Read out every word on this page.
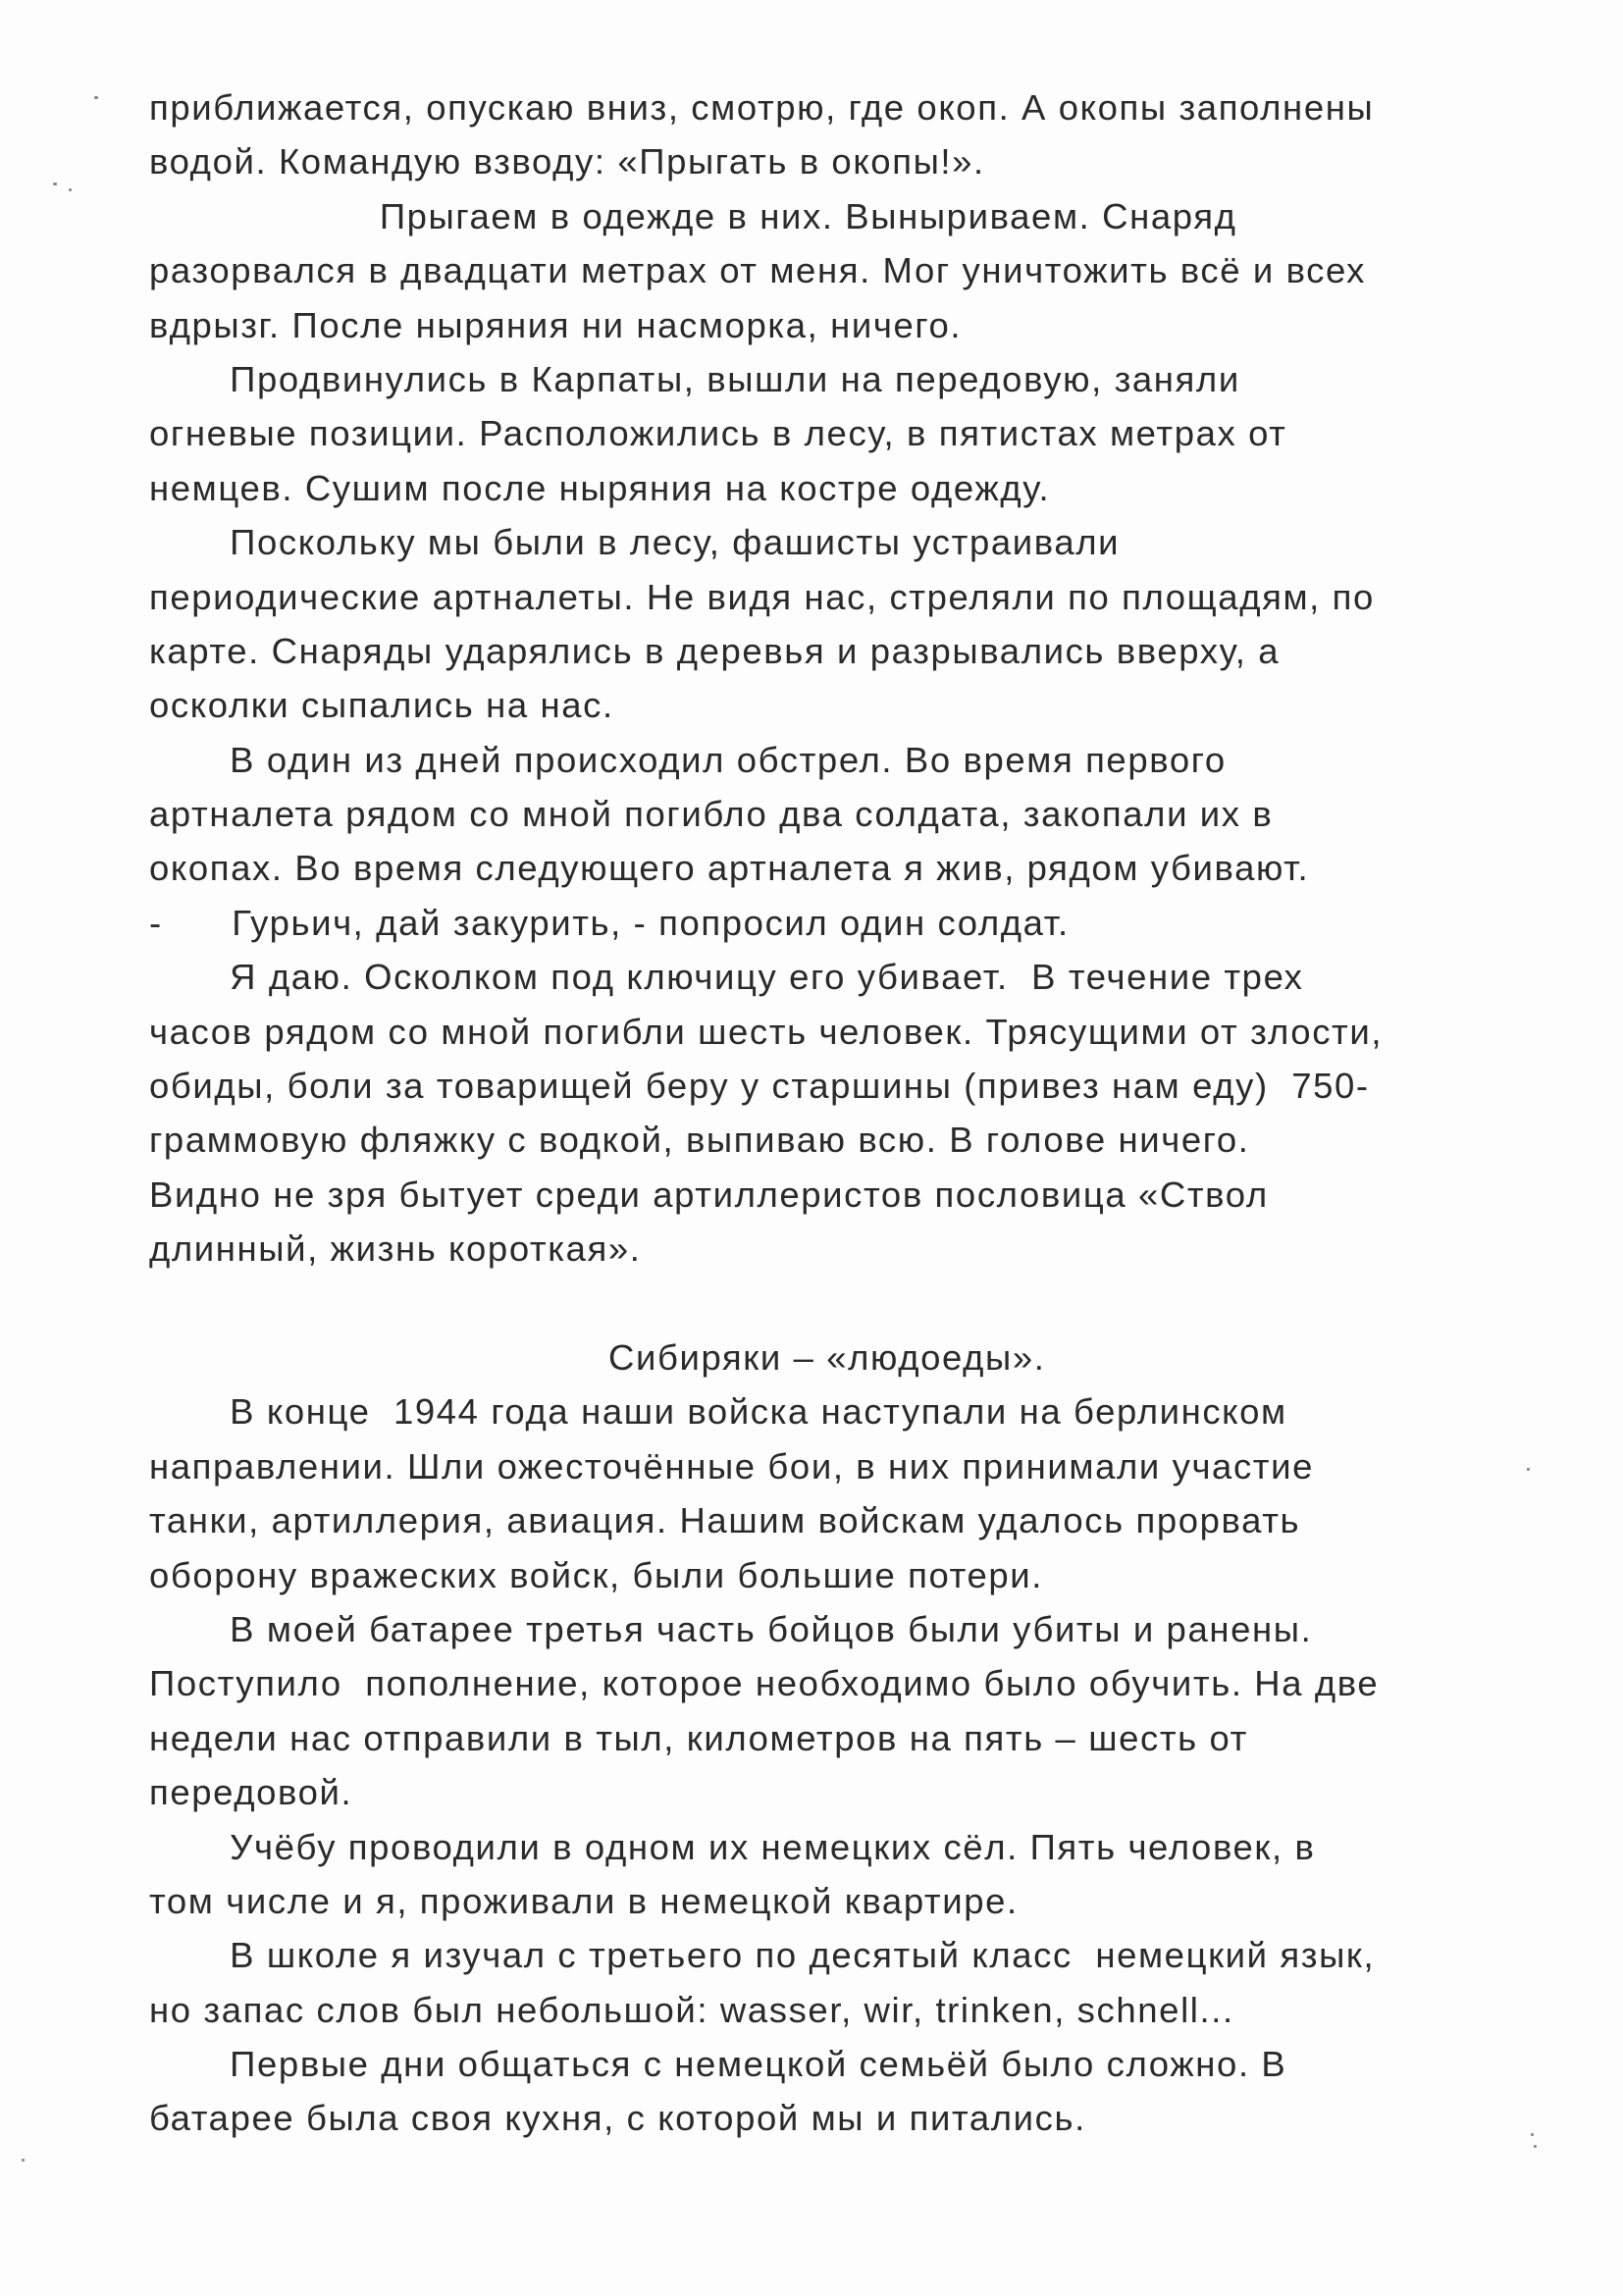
приближается, опускаю вниз, смотрю, где окоп. А окопы заполнены
водой. Командую взводу: «Прыгать в окопы!».
Прыгаем в одежде в них. Выныриваем. Снаряд
разорвался в двадцати метрах от меня. Мог уничтожить всё и всех
вдрызг. После ныряния ни насморка, ничего.
Продвинулись в Карпаты, вышли на передовую, заняли
огневые позиции. Расположились в лесу, в пятистах метрах от
немцев. Сушим после ныряния на костре одежду.
Поскольку мы были в лесу, фашисты устраивали
периодические артналеты. Не видя нас, стреляли по площадям, по
карте. Снаряды ударялись в деревья и разрывались вверху, а
осколки сыпались на нас.
В один из дней происходил обстрел. Во время первого
артналета рядом со мной погибло два солдата, закопали их в
окопах. Во время следующего артналета я жив, рядом убивают.
-      Гурьич, дай закурить, - попросил один солдат.
Я даю. Осколком под ключицу его убивает.  В течение трех
часов рядом со мной погибли шесть человек. Трясущими от злости,
обиды, боли за товарищей беру у старшины (привез нам еду)  750-
граммовую фляжку с водкой, выпиваю всю. В голове ничего.
Видно не зря бытует среди артиллеристов пословица «Ствол
длинный, жизнь короткая».
Сибиряки – «людоеды».
В конце  1944 года наши войска наступали на берлинском
направлении. Шли ожесточённые бои, в них принимали участие
танки, артиллерия, авиация. Нашим войскам удалось прорвать
оборону вражеских войск, были большие потери.
В моей батарее третья часть бойцов были убиты и ранены.
Поступило  пополнение, которое необходимо было обучить. На две
недели нас отправили в тыл, километров на пять – шесть от
передовой.
Учёбу проводили в одном их немецких сёл. Пять человек, в
том числе и я, проживали в немецкой квартире.
В школе я изучал с третьего по десятый класс  немецкий язык,
но запас слов был небольшой: wasser, wir, trinken, schnell...
Первые дни общаться с немецкой семьёй было сложно. В
батарее была своя кухня, с которой мы и питались.
